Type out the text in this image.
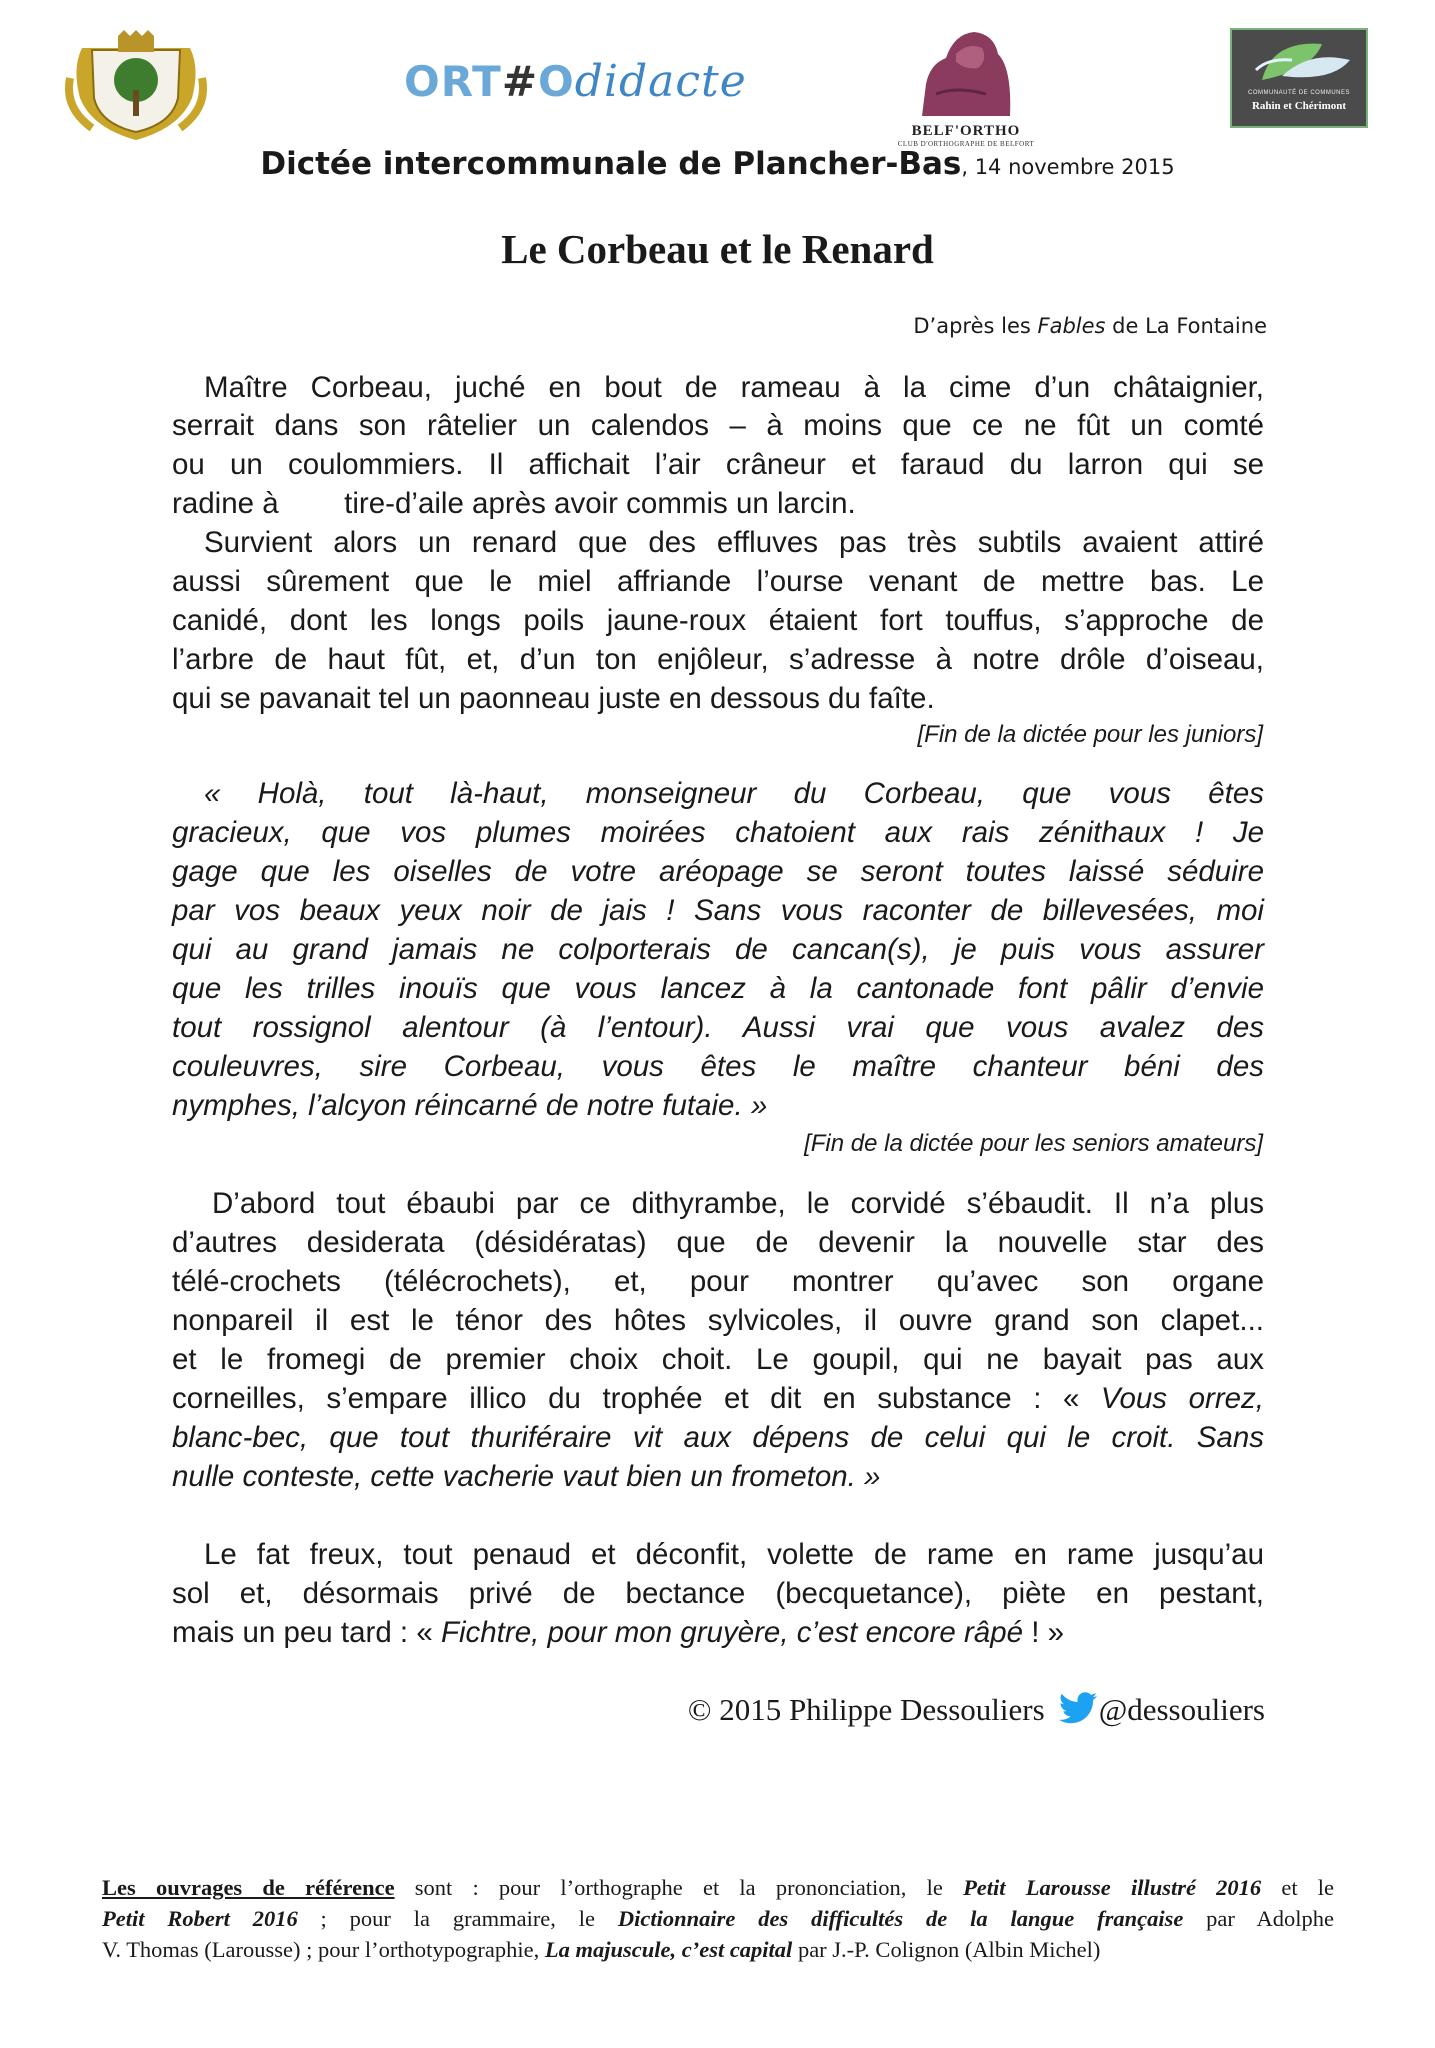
ORT#Odidacte
BELF'ORTHO
CLUB D'ORTHOGRAPHE DE BELFORT
COMMUNAUTÉ DE COMMUNES
Rahin et Chérimont
Dictée intercommunale de Plancher-Bas, 14 novembre 2015
Le Corbeau et le Renard
D’après les Fables de La Fontaine
Maître Corbeau, juché en bout de rameau à la cime d’un châtaignier,
serrait dans son râtelier un calendos – à moins que ce ne fût un comté
ou un coulommiers. Il affichait l’air crâneur et faraud du larron qui se
radine à        tire-d’aile après avoir commis un larcin.
Survient alors un renard que des effluves pas très subtils avaient attiré
aussi sûrement que le miel affriande l’ourse venant de mettre bas. Le
canidé, dont les longs poils jaune-roux étaient fort touffus, s’approche de
l’arbre de haut fût, et, d’un ton enjôleur, s’adresse à notre drôle d’oiseau,
qui se pavanait tel un paonneau juste en dessous du faîte.
[Fin de la dictée pour les juniors]
« Holà, tout là-haut, monseigneur du Corbeau, que vous êtes
gracieux, que vos plumes moirées chatoient aux rais zénithaux ! Je
gage que les oiselles de votre aréopage se seront toutes laissé séduire
par vos beaux yeux noir de jais ! Sans vous raconter de billevesées, moi
qui au grand jamais ne colporterais de cancan(s), je puis vous assurer
que les trilles inouïs que vous lancez à la cantonade font pâlir d’envie
tout rossignol alentour (à l’entour). Aussi vrai que vous avalez des
couleuvres, sire Corbeau, vous êtes le maître chanteur béni des
nymphes, l’alcyon réincarné de notre futaie. »
[Fin de la dictée pour les seniors amateurs]
D’abord tout ébaubi par ce dithyrambe, le corvidé s’ébaudit. Il n’a plus
d’autres desiderata (désidératas) que de devenir la nouvelle star des
télé-crochets (télécrochets), et, pour montrer qu’avec son organe
nonpareil il est le ténor des hôtes sylvicoles, il ouvre grand son clapet...
et le fromegi de premier choix choit. Le goupil, qui ne bayait pas aux
corneilles, s’empare illico du trophée et dit en substance : « Vous orrez,
blanc-bec, que tout thuriféraire vit aux dépens de celui qui le croit. Sans
nulle conteste, cette vacherie vaut bien un frometon. »
Le fat freux, tout penaud et déconfit, volette de rame en rame jusqu’au
sol et, désormais privé de bectance (becquetance), piète en pestant,
mais un peu tard : « Fichtre, pour mon gruyère, c’est encore râpé ! »
© 2015 Philippe Dessouliers @dessouliers
Les ouvrages de référence sont : pour l’orthographe et la prononciation, le Petit Larousse illustré 2016 et le
Petit Robert 2016 ; pour la grammaire, le Dictionnaire des difficultés de la langue française par Adolphe
V. Thomas (Larousse) ; pour l’orthotypographie, La majuscule, c’est capital par J.-P. Colignon (Albin Michel)
